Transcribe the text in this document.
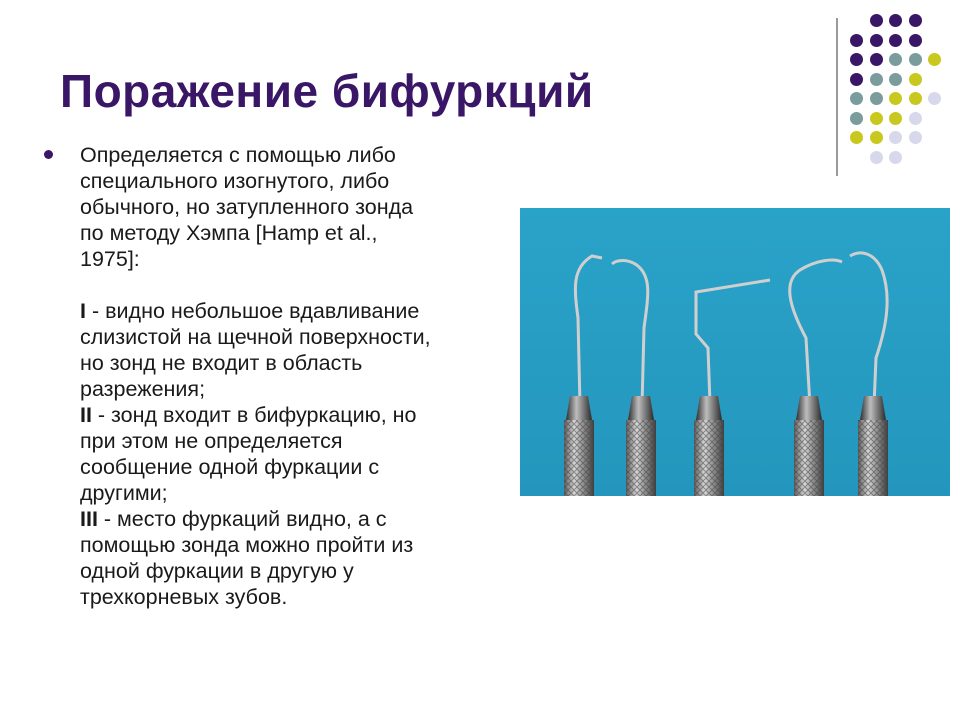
Поражение бифуркций
Определяется с помощью либо
специального изогнутого, либо
обычного, но затупленного зонда
по методу Хэмпа [Hamp et al.,
1975]:
I - видно небольшое вдавливание
слизистой на щечной поверхности,
но зонд не входит в область
разрежения;
II - зонд входит в бифуркацию, но
при этом не определяется
сообщение одной фуркации с
другими;
III - место фуркаций видно, а с
помощью зонда можно пройти из
одной фуркации в другую у
трехкорневых зубов.
